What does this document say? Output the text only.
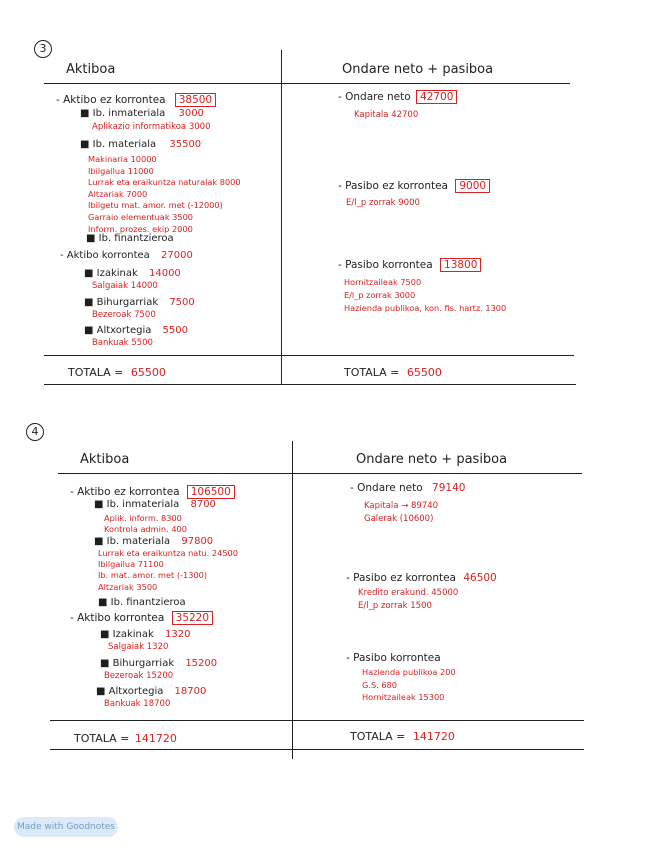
3
Aktiboa	Ondare neto + pasiboa
- Aktibo ez korrontea 38500
■ Ib. inmateriala 3000
Aplikazio informatikoa 3000
■ Ib. materiala 35500
Makinaria 10000
Ibilgailua 11000
Lurrak eta eraikuntza naturalak 8000
Altzariak 7000
Ibilgetu mat. amor. met (-12000)
Garraio elementuak 3500
Inform. prozes. ekip 2000
■ Ib. finantzieroa
- Aktibo korrontea 27000
■ Izakinak 14000
Salgaiak 14000
■ Bihurgarriak 7500
Bezeroak 7500
■ Altxortegia 5500
Bankuak 5500
TOTALA = 65500
- Ondare neto 42700
Kapitala 42700
- Pasibo ez korrontea 9000
E/l_p zorrak 9000
- Pasibo korrontea 13800
Hornitzaileak 7500
E/l_p zorrak 3000
Hazienda publikoa, kon. fis. hartz. 1300
TOTALA = 65500
4
Aktiboa	Ondare neto + pasiboa
- Aktibo ez korrontea 106500
■ Ib. inmateriala 8700
Aplik. inform. 8300
Kontrola admin. 400
■ Ib. materiala 97800
Lurrak eta eraikuntza natu. 24500
Ibilgailua 71100
Ib. mat. amor. met (-1300)
Altzariak 3500
■ Ib. finantzieroa
- Aktibo korrontea 35220
■ Izakinak 1320
Salgaiak 1320
■ Bihurgarriak 15200
Bezeroak 15200
■ Altxortegia 18700
Bankuak 18700
TOTALA = 141720
- Ondare neto 79140
Kapitala → 89740
Galerak (10600)
- Pasibo ez korrontea 46500
Kredito erakund. 45000
E/l_p zorrak 1500
- Pasibo korrontea
Hazienda publikoa 200
G.S. 680
Hornitzaileak 15300
TOTALA = 141720
Made with Goodnotes
